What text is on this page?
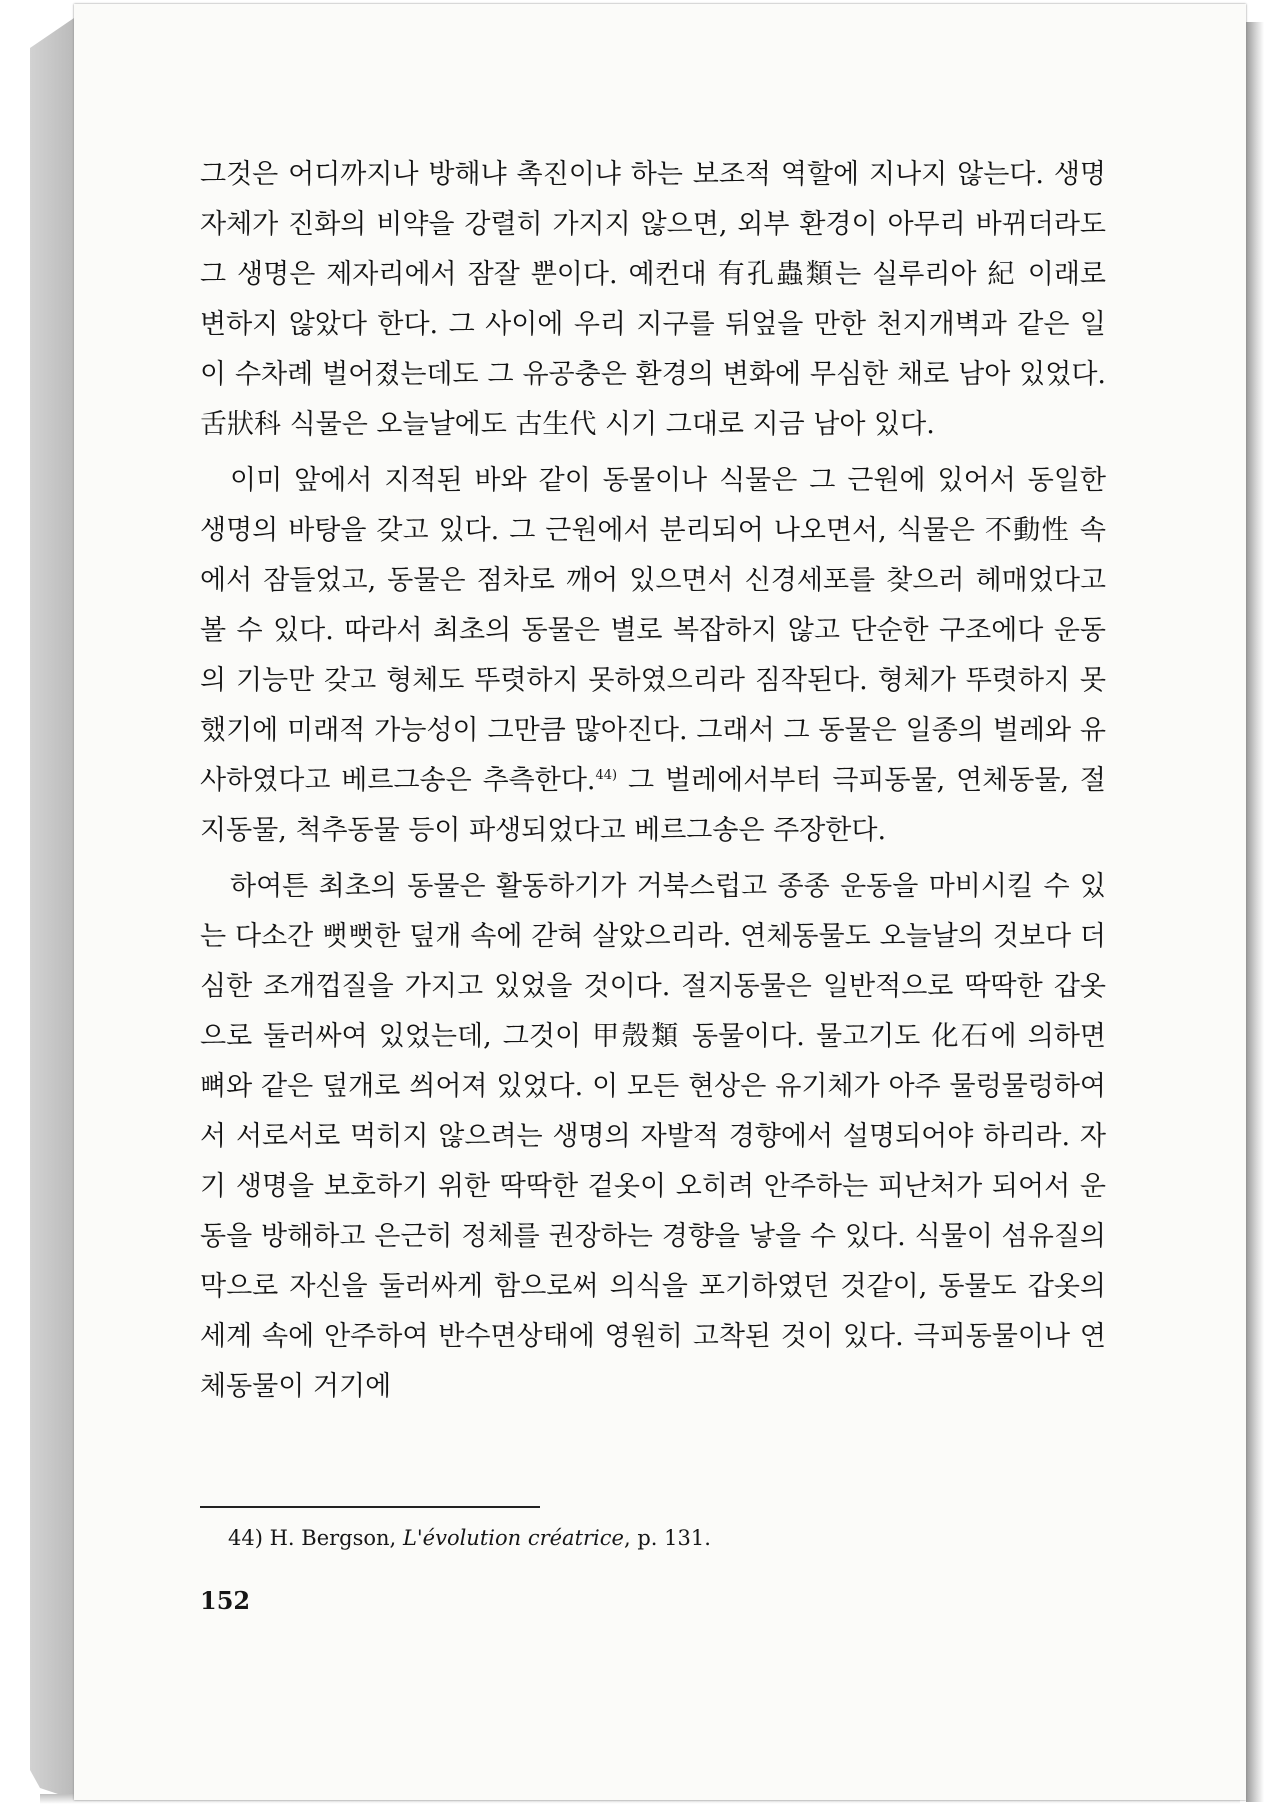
그것은 어디까지나 방해냐 촉진이냐 하는 보조적 역할에 지나지 않는다. 생명 자체가 진화의 비약을 강렬히 가지지 않으면, 외부 환경이 아무리 바뀌더라도 그 생명은 제자리에서 잠잘 뿐이다. 예컨대 有孔蟲類는 실루리아 紀 이래로 변하지 않았다 한다. 그 사이에 우리 지구를 뒤엎을 만한 천지개벽과 같은 일이 수차례 벌어졌는데도 그 유공충은 환경의 변화에 무심한 채로 남아 있었다. 舌狀科 식물은 오늘날에도 古生代 시기 그대로 지금 남아 있다.

이미 앞에서 지적된 바와 같이 동물이나 식물은 그 근원에 있어서 동일한 생명의 바탕을 갖고 있다. 그 근원에서 분리되어 나오면서, 식물은 不動性 속에서 잠들었고, 동물은 점차로 깨어 있으면서 신경세포를 찾으러 헤매었다고 볼 수 있다. 따라서 최초의 동물은 별로 복잡하지 않고 단순한 구조에다 운동의 기능만 갖고 형체도 뚜렷하지 못하였으리라 짐작된다. 형체가 뚜렷하지 못했기에 미래적 가능성이 그만큼 많아진다. 그래서 그 동물은 일종의 벌레와 유사하였다고 베르그송은 추측한다.$^{44)}$ 그 벌레에서부터 극피동물, 연체동물, 절지동물, 척추동물 등이 파생되었다고 베르그송은 주장한다.

하여튼 최초의 동물은 활동하기가 거북스럽고 종종 운동을 마비시킬 수 있는 다소간 뻣뻣한 덮개 속에 갇혀 살았으리라. 연체동물도 오늘날의 것보다 더 심한 조개껍질을 가지고 있었을 것이다. 절지동물은 일반적으로 딱딱한 갑옷으로 둘러싸여 있었는데, 그것이 甲殼類 동물이다. 물고기도 化石에 의하면 뼈와 같은 덮개로 씌어져 있었다. 이 모든 현상은 유기체가 아주 물렁물렁하여서 서로서로 먹히지 않으려는 생명의 자발적 경향에서 설명되어야 하리라. 자기 생명을 보호하기 위한 딱딱한 겉옷이 오히려 안주하는 피난처가 되어서 운동을 방해하고 은근히 정체를 권장하는 경향을 낳을 수 있다. 식물이 섬유질의 막으로 자신을 둘러싸게 함으로써 의식을 포기하였던 것같이, 동물도 갑옷의 세계 속에 안주하여 반수면상태에 영원히 고착된 것이 있다. 극피동물이나 연체동물이 거기에

44) H. Bergson, L'évolution créatrice, p. 131.
152
